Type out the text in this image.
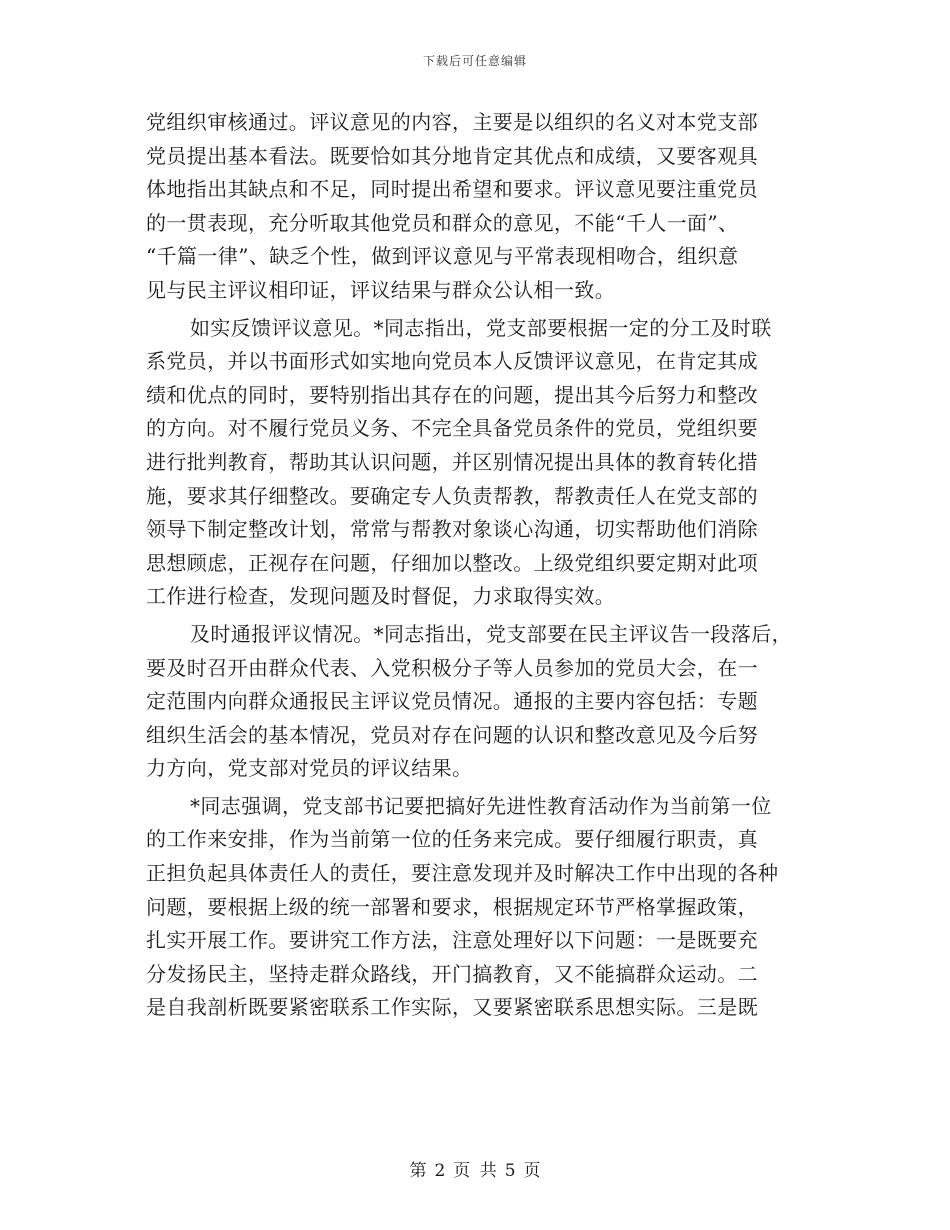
下载后可任意编辑
党组织审核通过。评议意见的内容，主要是以组织的名义对本党支部
党员提出基本看法。既要恰如其分地肯定其优点和成绩，又要客观具
体地指出其缺点和不足，同时提出希望和要求。评议意见要注重党员
的一贯表现，充分听取其他党员和群众的意见，不能“千人一面”、
“千篇一律”、缺乏个性，做到评议意见与平常表现相吻合，组织意
见与民主评议相印证，评议结果与群众公认相一致。
如实反馈评议意见。*同志指出，党支部要根据一定的分工及时联
系党员，并以书面形式如实地向党员本人反馈评议意见，在肯定其成
绩和优点的同时，要特别指出其存在的问题，提出其今后努力和整改
的方向。对不履行党员义务、不完全具备党员条件的党员，党组织要
进行批判教育，帮助其认识问题，并区别情况提出具体的教育转化措
施，要求其仔细整改。要确定专人负责帮教，帮教责任人在党支部的
领导下制定整改计划，常常与帮教对象谈心沟通，切实帮助他们消除
思想顾虑，正视存在问题，仔细加以整改。上级党组织要定期对此项
工作进行检查，发现问题及时督促，力求取得实效。
及时通报评议情况。*同志指出，党支部要在民主评议告一段落后，
要及时召开由群众代表、入党积极分子等人员参加的党员大会，在一
定范围内向群众通报民主评议党员情况。通报的主要内容包括：专题
组织生活会的基本情况，党员对存在问题的认识和整改意见及今后努
力方向，党支部对党员的评议结果。
*同志强调，党支部书记要把搞好先进性教育活动作为当前第一位
的工作来安排，作为当前第一位的任务来完成。要仔细履行职责，真
正担负起具体责任人的责任，要注意发现并及时解决工作中出现的各种
问题，要根据上级的统一部署和要求，根据规定环节严格掌握政策，
扎实开展工作。要讲究工作方法，注意处理好以下问题：一是既要充
分发扬民主，坚持走群众路线，开门搞教育，又不能搞群众运动。二
是自我剖析既要紧密联系工作实际，又要紧密联系思想实际。三是既
第 2 页 共 5 页
